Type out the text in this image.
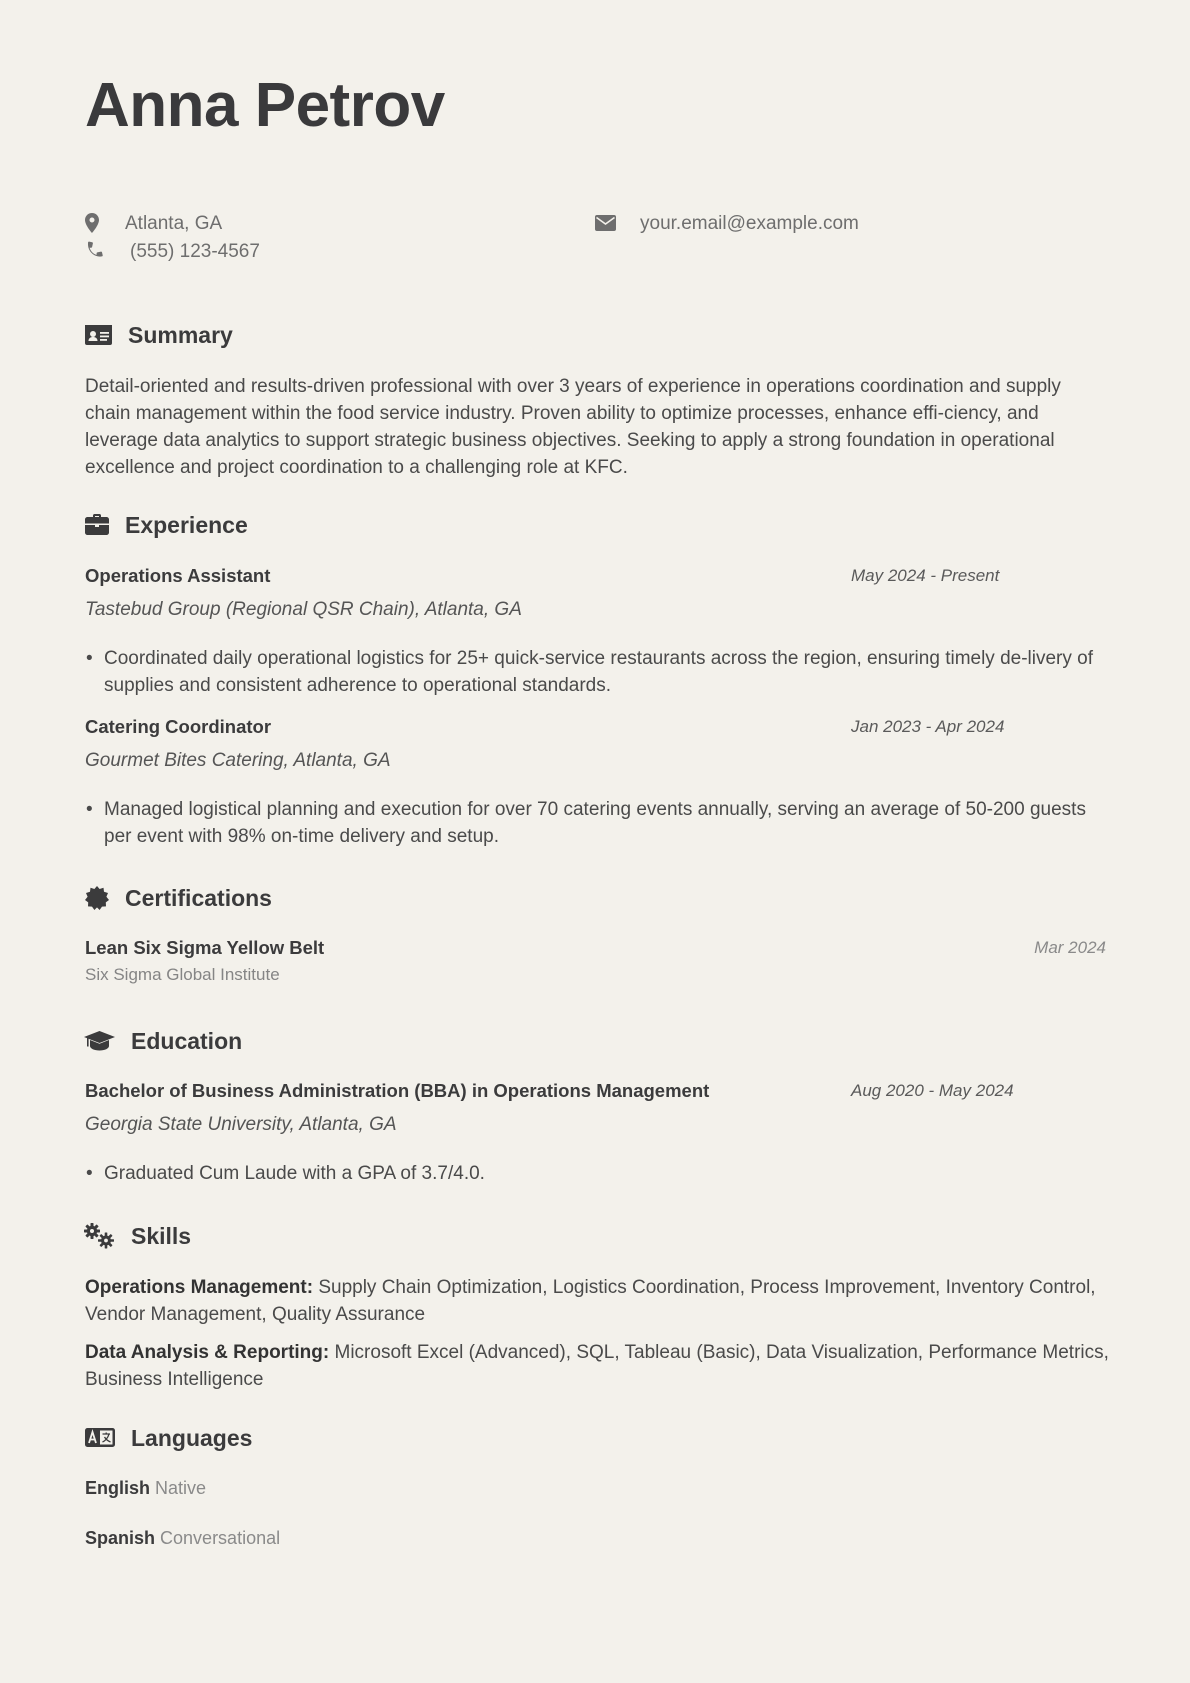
Anna Petrov
Atlanta, GA
(555) 123-4567
your.email@example.com
Summary

Detail-oriented and results-driven professional with over 3 years of experience in operations coordination and supply chain management within the food service industry. Proven ability to optimize processes, enhance effi-ciency, and leverage data analytics to support strategic business objectives. Seeking to apply a strong foundation in operational excellence and project coordination to a challenging role at KFC.

Experience
Operations Assistant	May 2024 - Present
Tastebud Group (Regional QSR Chain), Atlanta, GA
• Coordinated daily operational logistics for 25+ quick-service restaurants across the region, ensuring timely de-livery of supplies and consistent adherence to operational standards.
Catering Coordinator	Jan 2023 - Apr 2024
Gourmet Bites Catering, Atlanta, GA
• Managed logistical planning and execution for over 70 catering events annually, serving an average of 50-200 guests per event with 98% on-time delivery and setup.
Certifications
Lean Six Sigma Yellow Belt	Mar 2024
Six Sigma Global Institute
Education
Bachelor of Business Administration (BBA) in Operations Management	Aug 2020 - May 2024
Georgia State University, Atlanta, GA
• Graduated Cum Laude with a GPA of 3.7/4.0.
Skills

Operations Management: Supply Chain Optimization, Logistics Coordination, Process Improvement, Inventory Control, Vendor Management, Quality Assurance

Data Analysis & Reporting: Microsoft Excel (Advanced), SQL, Tableau (Basic), Data Visualization, Performance Metrics, Business Intelligence

Languages
English Native
Spanish Conversational
